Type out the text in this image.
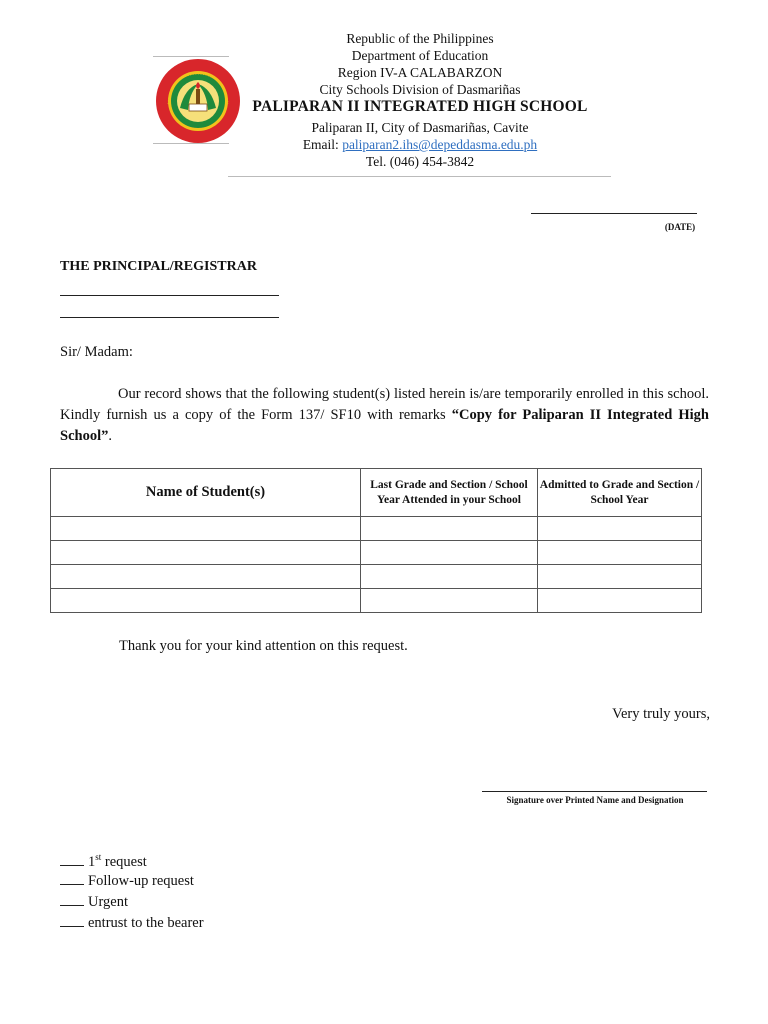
Republic of the Philippines
Department of Education
Region IV-A CALABARZON
City Schools Division of Dasmariñas
PALIPARAN II INTEGRATED HIGH SCHOOL
Paliparan II, City of Dasmariñas, Cavite
Email: paliparan2.ihs@depeddasma.edu.ph
Tel. (046) 454-3842
(DATE)
THE PRINCIPAL/REGISTRAR
Sir/ Madam:
Our record shows that the following student(s) listed herein is/are temporarily enrolled in this school. Kindly furnish us a copy of the Form 137/ SF10 with remarks “Copy for Paliparan II Integrated High School”.
Name of Student(s)	Last Grade and Section / School Year Attended in your School	Admitted to Grade and Section / School Year

Thank you for your kind attention on this request.
Very truly yours,
Signature over Printed Name and Designation
1st request
Follow-up request
Urgent
entrust to the bearer
